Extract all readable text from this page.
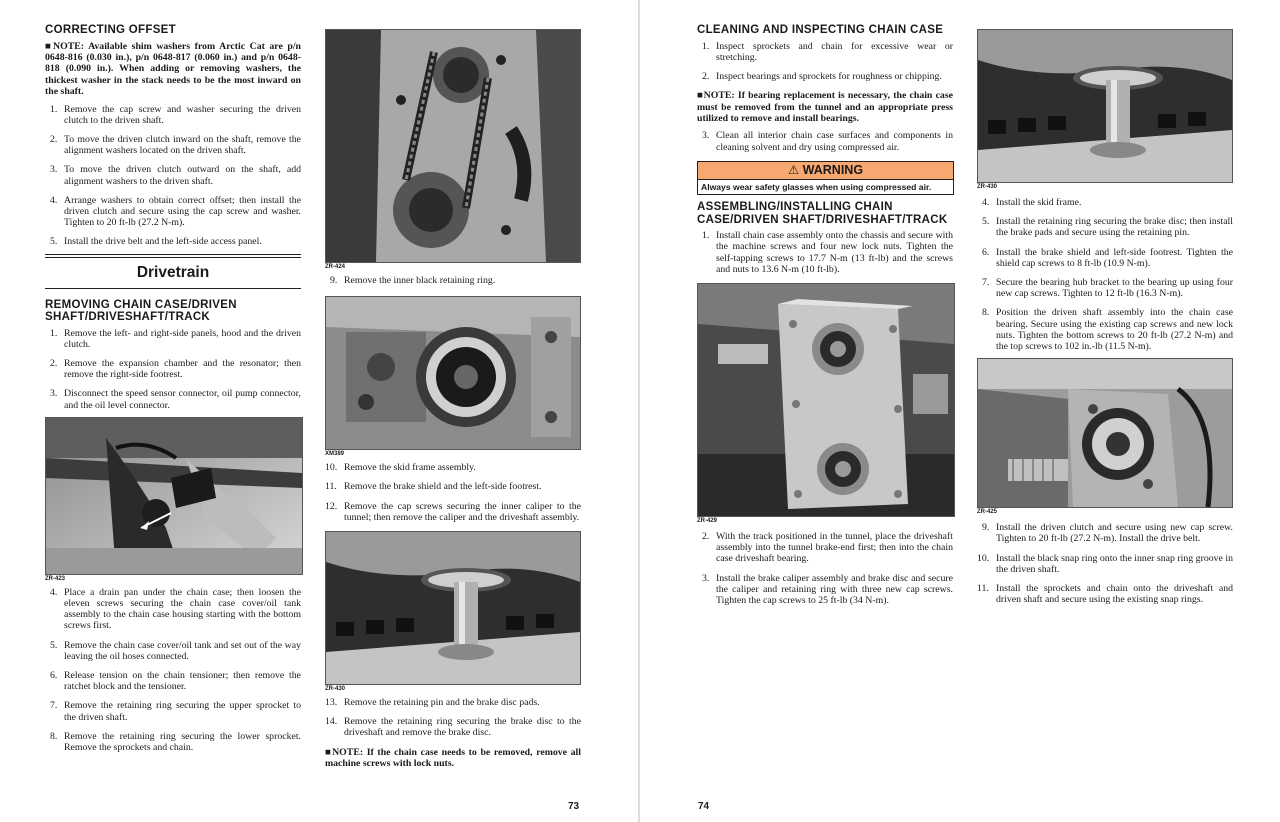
CORRECTING OFFSET

■NOTE: Available shim washers from Arctic Cat are p/n 0648-816 (0.030 in.), p/n 0648-817 (0.060 in.) and p/n 0648-818 (0.090 in.). When adding or removing washers, the thickest washer in the stack needs to be the most inward on the shaft.

1. Remove the cap screw and washer securing the driven clutch to the driven shaft.
2. To move the driven clutch inward on the shaft, remove the alignment washers located on the driven shaft.
3. To move the driven clutch outward on the shaft, add alignment washers to the driven shaft.
4. Arrange washers to obtain correct offset; then install the driven clutch and secure using the cap screw and washer. Tighten to 20 ft-lb (27.2 N-m).
5. Install the drive belt and the left-side access panel.
Drivetrain
REMOVING CHAIN CASE/DRIVEN SHAFT/DRIVESHAFT/TRACK
1. Remove the left- and right-side panels, hood and the driven clutch.
2. Remove the expansion chamber and the resonator; then remove the right-side footrest.
3. Disconnect the speed sensor connector, oil pump connector, and the oil level connector.
ZR-423
4. Place a drain pan under the chain case; then loosen the eleven screws securing the chain case cover/oil tank assembly to the chain case housing starting with the bottom screws first.
5. Remove the chain case cover/oil tank and set out of the way leaving the oil hoses connected.
6. Release tension on the chain tensioner; then remove the ratchet block and the tensioner.
7. Remove the retaining ring securing the upper sprocket to the driven shaft.
8. Remove the retaining ring securing the lower sprocket. Remove the sprockets and chain.
ZR-424
9. Remove the inner black retaining ring.
XM389
10. Remove the skid frame assembly.
11. Remove the brake shield and the left-side footrest.
12. Remove the cap screws securing the inner caliper to the tunnel; then remove the caliper and the driveshaft assembly.
ZR-430
13. Remove the retaining pin and the brake disc pads.
14. Remove the retaining ring securing the brake disc to the driveshaft and remove the brake disc.

■NOTE: If the chain case needs to be removed, remove all machine screws with lock nuts.

73
CLEANING AND INSPECTING CHAIN CASE
1. Inspect sprockets and chain for excessive wear or stretching.
2. Inspect bearings and sprockets for roughness or chipping.

■NOTE: If bearing replacement is necessary, the chain case must be removed from the tunnel and an appropriate press utilized to remove and install bearings.

3. Clean all interior chain case surfaces and components in cleaning solvent and dry using compressed air.
⚠ WARNING
Always wear safety glasses when using compressed air.
ASSEMBLING/INSTALLING CHAIN CASE/DRIVEN SHAFT/DRIVESHAFT/TRACK
1. Install chain case assembly onto the chassis and secure with the machine screws and four new lock nuts. Tighten the self-tapping screws to 17.7 N-m (13 ft-lb) and the screws and nuts to 13.6 N-m (10 ft-lb).
ZR-429
2. With the track positioned in the tunnel, place the driveshaft assembly into the tunnel brake-end first; then into the chain case driveshaft bearing.
3. Install the brake caliper assembly and brake disc and secure the caliper and retaining ring with three new cap screws. Tighten the cap screws to 25 ft-lb (34 N-m).
ZR-430
4. Install the skid frame.
5. Install the retaining ring securing the brake disc; then install the brake pads and secure using the retaining pin.
6. Install the brake shield and left-side footrest. Tighten the shield cap screws to 8 ft-lb (10.9 N-m).
7. Secure the bearing hub bracket to the bearing up using four new cap screws. Tighten to 12 ft-lb (16.3 N-m).
8. Position the driven shaft assembly into the chain case bearing. Secure using the existing cap screws and new lock nuts. Tighten the bottom screws to 20 ft-lb (27.2 N-m) and the top screws to 102 in.-lb (11.5 N-m).
ZR-425
9. Install the driven clutch and secure using new cap screw. Tighten to 20 ft-lb (27.2 N-m). Install the drive belt.
10. Install the black snap ring onto the inner snap ring groove in the driven shaft.
11. Install the sprockets and chain onto the driveshaft and driven shaft and secure using the existing snap rings.
74
